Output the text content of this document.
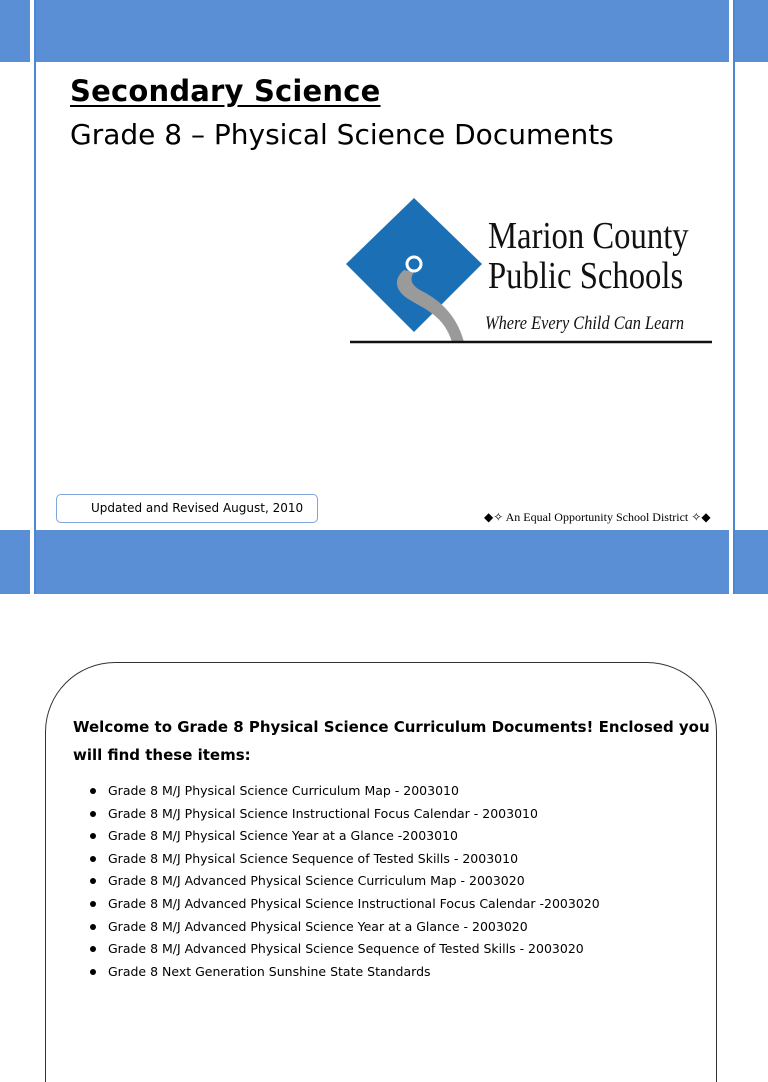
Secondary Science
Grade 8 – Physical Science Documents
Marion County
Public Schools
Where Every Child Can Learn
Updated and Revised August, 2010
◆✧ An Equal Opportunity School District ✧◆
Welcome to Grade 8 Physical Science Curriculum Documents! Enclosed you will find these items:
Grade 8 M/J Physical Science Curriculum Map - 2003010
Grade 8 M/J Physical Science Instructional Focus Calendar - 2003010
Grade 8 M/J Physical Science Year at a Glance -2003010
Grade 8 M/J Physical Science Sequence of Tested Skills - 2003010
Grade 8 M/J Advanced Physical Science Curriculum Map - 2003020
Grade 8 M/J Advanced Physical Science Instructional Focus Calendar -2003020
Grade 8 M/J Advanced Physical Science Year at a Glance - 2003020
Grade 8 M/J Advanced Physical Science Sequence of Tested Skills - 2003020
Grade 8 Next Generation Sunshine State Standards
